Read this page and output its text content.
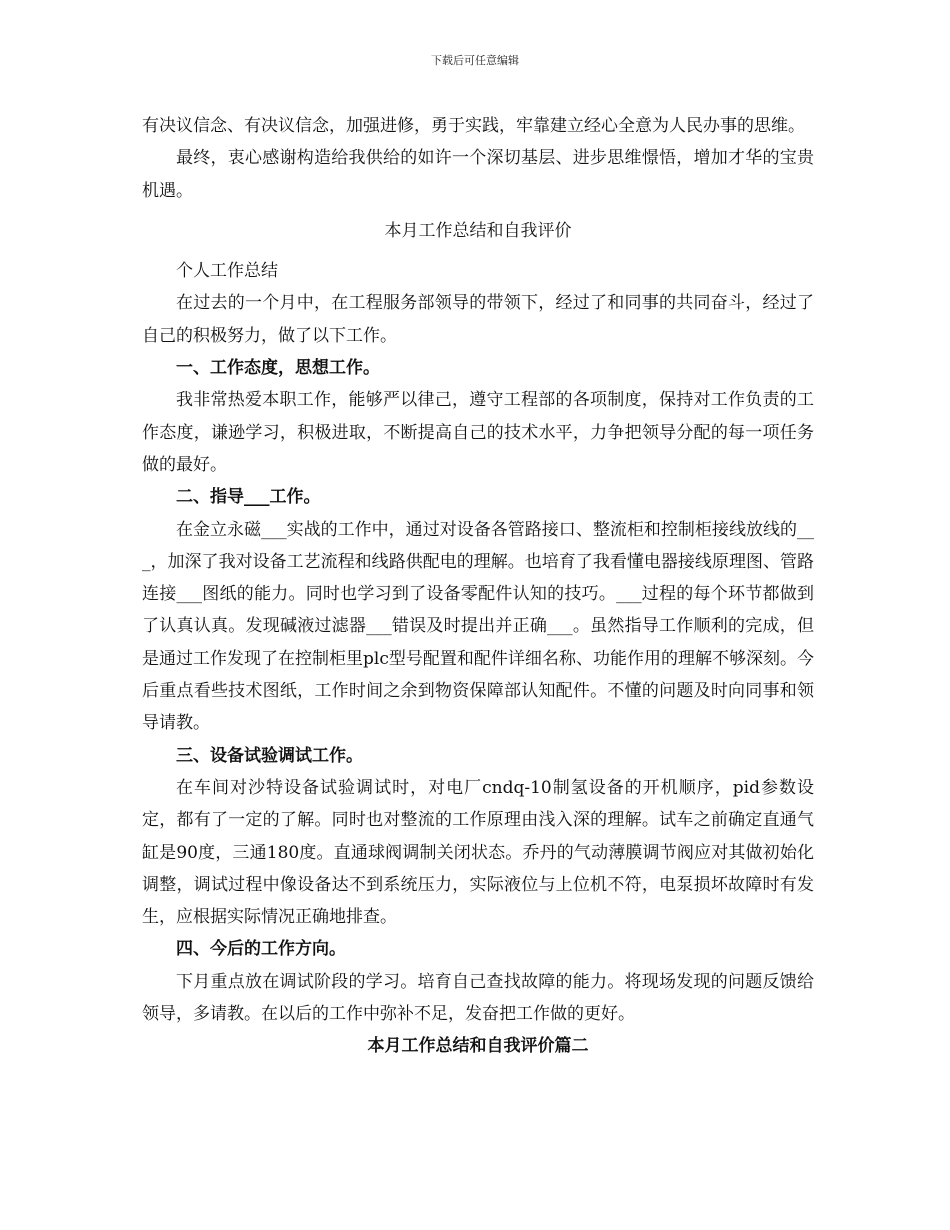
下载后可任意编辑

有决议信念、有决议信念，加强进修，勇于实践，牢靠建立经心全意为人民办事的思维。

最终，衷心感谢构造给我供给的如许一个深切基层、进步思维憬悟，增加才华的宝贵机遇。

本月工作总结和自我评价

个人工作总结

在过去的一个月中，在工程服务部领导的带领下，经过了和同事的共同奋斗，经过了自己的积极努力，做了以下工作。

一、工作态度，思想工作。

我非常热爱本职工作，能够严以律己，遵守工程部的各项制度，保持对工作负责的工作态度，谦逊学习，积极进取，不断提高自己的技术水平，力争把领导分配的每一项任务做的最好。

二、指导___工作。

在金立永磁___实战的工作中，通过对设备各管路接口、整流柜和控制柜接线放线的___，加深了我对设备工艺流程和线路供配电的理解。也培育了我看懂电器接线原理图、管路连接___图纸的能力。同时也学习到了设备零配件认知的技巧。___过程的每个环节都做到了认真认真。发现碱液过滤器___错误及时提出并正确___。虽然指导工作顺利的完成，但是通过工作发现了在控制柜里plc型号配置和配件详细名称、功能作用的理解不够深刻。今后重点看些技术图纸，工作时间之余到物资保障部认知配件。不懂的问题及时向同事和领导请教。

三、设备试验调试工作。

在车间对沙特设备试验调试时，对电厂cndq-10制氢设备的开机顺序，pid参数设定，都有了一定的了解。同时也对整流的工作原理由浅入深的理解。试车之前确定直通气缸是90度，三通180度。直通球阀调制关闭状态。乔丹的气动薄膜调节阀应对其做初始化调整，调试过程中像设备达不到系统压力，实际液位与上位机不符，电泵损坏故障时有发生，应根据实际情况正确地排查。

四、今后的工作方向。

下月重点放在调试阶段的学习。培育自己查找故障的能力。将现场发现的问题反馈给领导，多请教。在以后的工作中弥补不足，发奋把工作做的更好。

本月工作总结和自我评价篇二
